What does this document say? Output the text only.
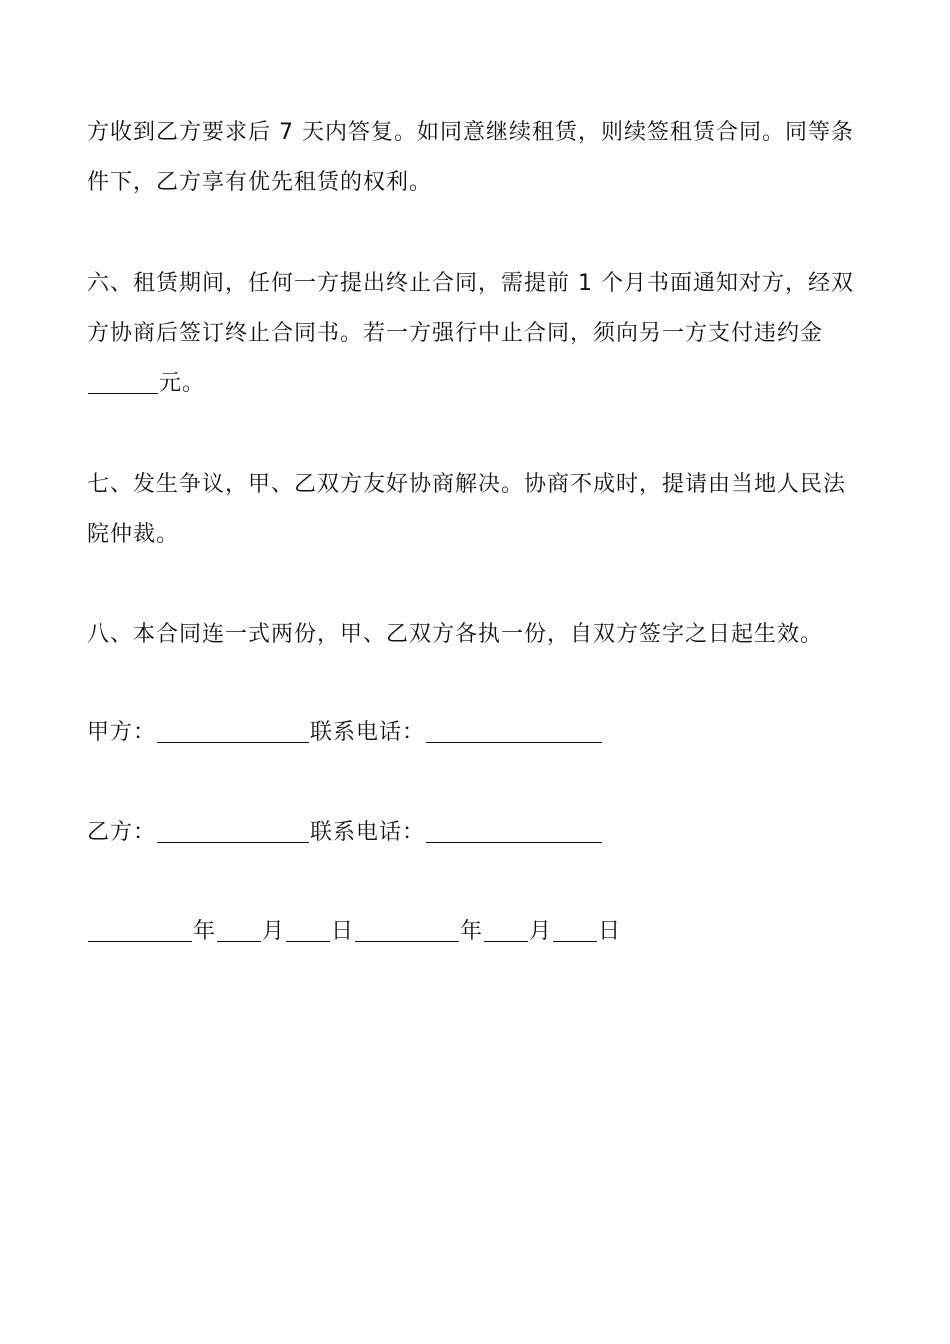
方收到乙方要求后 7 天内答复。如同意继续租赁，则续签租赁合同。同等条件下，乙方享有优先租赁的权利。

六、租赁期间，任何一方提出终止合同，需提前 1 个月书面通知对方，经双方协商后签订终止合同书。若一方强行中止合同，须向另一方支付违约金元。

七、发生争议，甲、乙双方友好协商解决。协商不成时，提请由当地人民法院仲裁。

八、本合同连一式两份，甲、乙双方各执一份，自双方签字之日起生效。

甲方：	联系电话：

乙方：	联系电话：

年 月 日	年 月 日
